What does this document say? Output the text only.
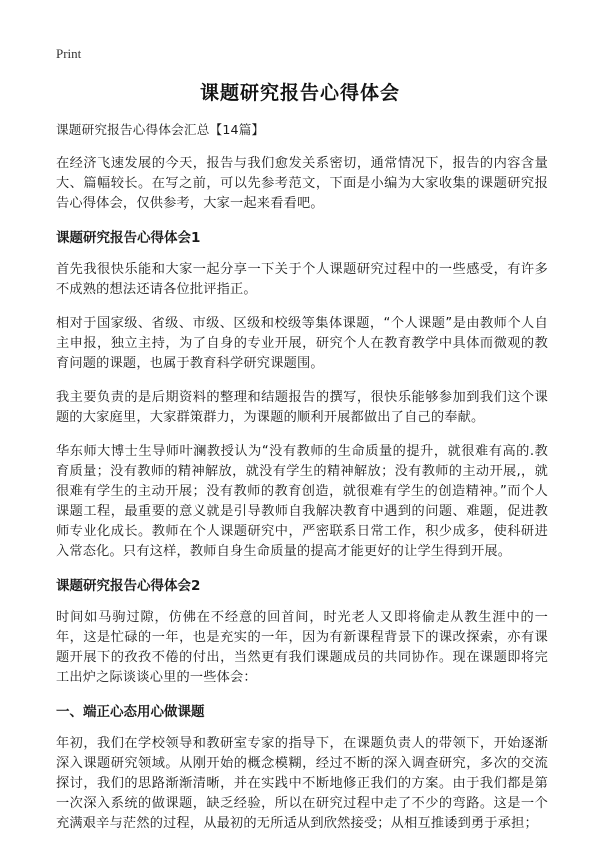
Print
课题研究报告心得体会

课题研究报告心得体会汇总【14篇】

在经济飞速发展的今天，报告与我们愈发关系密切，通常情况下，报告的内容含量大、篇幅较长。在写之前，可以先参考范文，下面是小编为大家收集的课题研究报告心得体会，仅供参考，大家一起来看看吧。

课题研究报告心得体会1

首先我很快乐能和大家一起分享一下关于个人课题研究过程中的一些感受，有许多不成熟的想法还请各位批评指正。

相对于国家级、省级、市级、区级和校级等集体课题，“个人课题”是由教师个人自主申报，独立主持，为了自身的专业开展，研究个人在教育教学中具体而微观的教育问题的课题，也属于教育科学研究课题围。

我主要负责的是后期资料的整理和结题报告的撰写，很快乐能够参加到我们这个课题的大家庭里，大家群策群力，为课题的顺利开展都做出了自己的奉献。

华东师大博士生导师叶澜教授认为“没有教师的生命质量的提升，就很难有高的.教育质量；没有教师的精神解放，就没有学生的精神解放；没有教师的主动开展,，就很难有学生的主动开展；没有教师的教育创造，就很难有学生的创造精神。”而个人课题工程，最重要的意义就是引导教师自我解决教育中遇到的问题、难题，促进教师专业化成长。教师在个人课题研究中，严密联系日常工作，积少成多，使科研进入常态化。只有这样，教师自身生命质量的提高才能更好的让学生得到开展。

课题研究报告心得体会2

时间如马驹过隙，仿佛在不经意的回首间，时光老人又即将偷走从教生涯中的一年，这是忙碌的一年，也是充实的一年，因为有新课程背景下的课改探索，亦有课题开展下的孜孜不倦的付出，当然更有我们课题成员的共同协作。现在课题即将完工出炉之际谈谈心里的一些体会：

一、端正心态用心做课题

年初，我们在学校领导和教研室专家的指导下，在课题负责人的带领下，开始逐渐深入课题研究领域。从刚开始的概念模糊，经过不断的深入调查研究，多次的交流探讨，我们的思路渐渐清晰，并在实践中不断地修正我们的方案。由于我们都是第一次深入系统的做课题，缺乏经验，所以在研究过程中走了不少的弯路。这是一个充满艰辛与茫然的过程，从最初的无所适从到欣然接受；从相互推诿到勇于承担；
